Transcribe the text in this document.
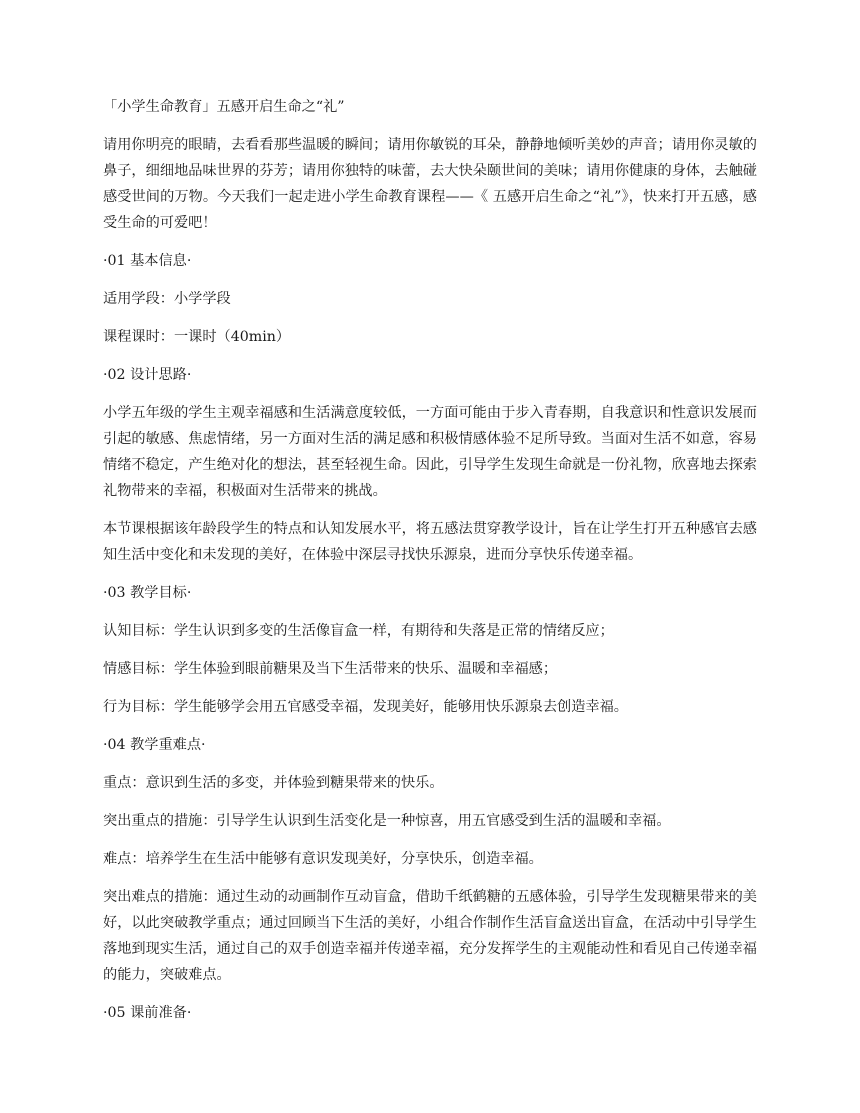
「小学生命教育」五感开启生命之“礼”

请用你明亮的眼睛，去看看那些温暖的瞬间；请用你敏锐的耳朵，静静地倾听美妙的声音；请用你灵敏的鼻子，细细地品味世界的芬芳；请用你独特的味蕾，去大快朵颐世间的美味；请用你健康的身体，去触碰感受世间的万物。今天我们一起走进小学生命教育课程——《 五感开启生命之“礼”》，快来打开五感，感受生命的可爱吧！

·01 基本信息·

适用学段：小学学段

课程课时：一课时（40min）

·02 设计思路·

小学五年级的学生主观幸福感和生活满意度较低，一方面可能由于步入青春期，自我意识和性意识发展而引起的敏感、焦虑情绪，另一方面对生活的满足感和积极情感体验不足所导致。当面对生活不如意，容易情绪不稳定，产生绝对化的想法，甚至轻视生命。因此，引导学生发现生命就是一份礼物，欣喜地去探索礼物带来的幸福，积极面对生活带来的挑战。

本节课根据该年龄段学生的特点和认知发展水平，将五感法贯穿教学设计，旨在让学生打开五种感官去感知生活中变化和未发现的美好，在体验中深层寻找快乐源泉，进而分享快乐传递幸福。

·03 教学目标·

认知目标：学生认识到多变的生活像盲盒一样，有期待和失落是正常的情绪反应；

情感目标：学生体验到眼前糖果及当下生活带来的快乐、温暖和幸福感；

行为目标：学生能够学会用五官感受幸福，发现美好，能够用快乐源泉去创造幸福。

·04 教学重难点·

重点：意识到生活的多变，并体验到糖果带来的快乐。

突出重点的措施：引导学生认识到生活变化是一种惊喜，用五官感受到生活的温暖和幸福。

难点：培养学生在生活中能够有意识发现美好，分享快乐，创造幸福。

突出难点的措施：通过生动的动画制作互动盲盒，借助千纸鹤糖的五感体验，引导学生发现糖果带来的美好，以此突破教学重点；通过回顾当下生活的美好，小组合作制作生活盲盒送出盲盒，在活动中引导学生落地到现实生活，通过自己的双手创造幸福并传递幸福，充分发挥学生的主观能动性和看见自己传递幸福的能力，突破难点。

·05 课前准备·
